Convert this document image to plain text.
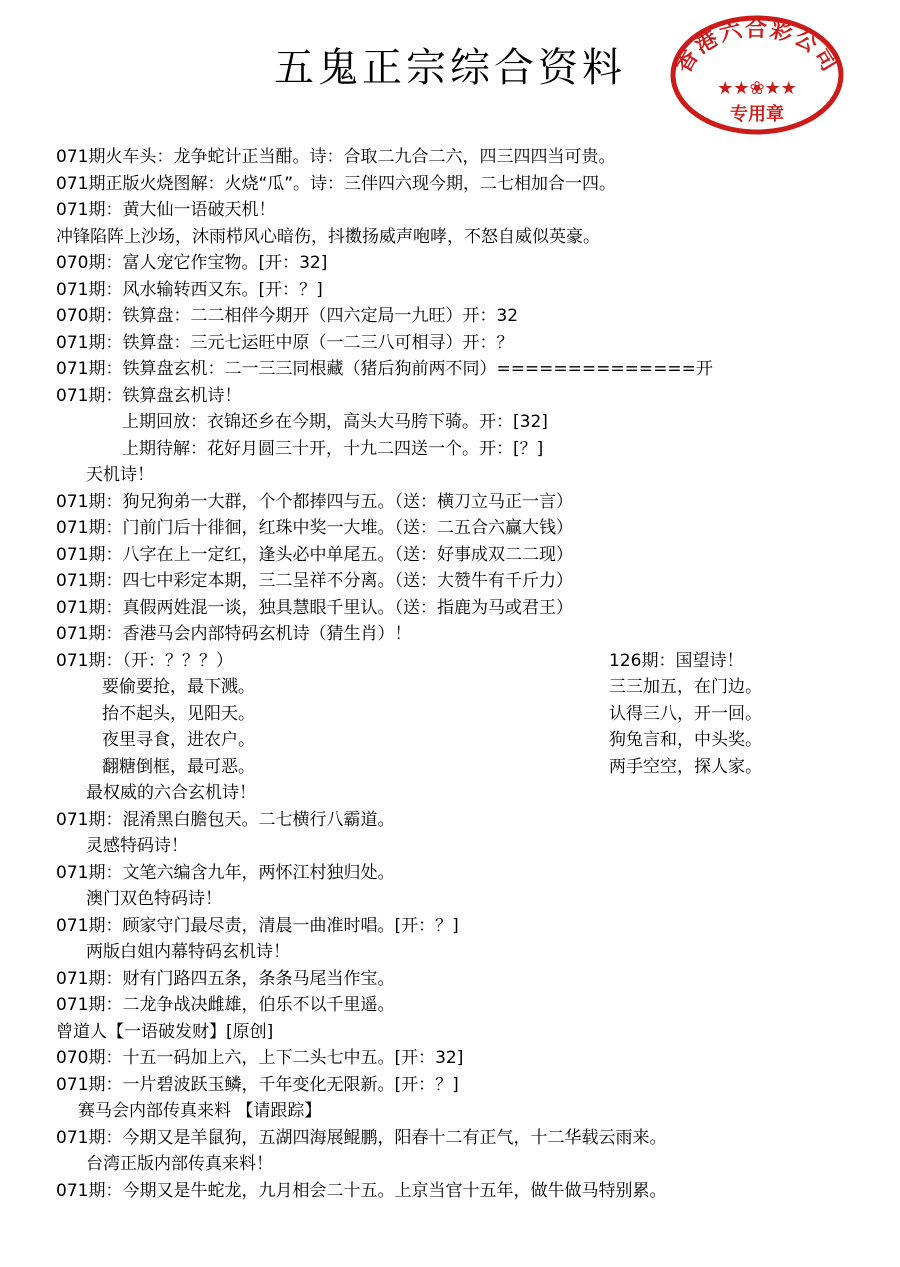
五鬼正宗综合资料	香港六合彩公司
★★❀★★
专用章
071期火车头：龙争蛇计正当酣。诗：合取二九合二六，四三四四当可贵。
071期正版火烧图解：火烧“瓜”。诗：三伴四六现今期，二七相加合一四。
071期：黄大仙一语破天机！
冲锋陷阵上沙场，沐雨栉风心暗伤，抖擞扬威声咆哮，不怒自威似英豪。
070期：富人宠它作宝物。[开：32]
071期：风水输转西又东。[开：？]
070期：铁算盘：二二相伴今期开（四六定局一九旺）开：32
071期：铁算盘：三元七运旺中原（一二三八可相寻）开：？
071期：铁算盘玄机：二一三三同根藏（猪后狗前两不同）==============开
071期：铁算盘玄机诗！
上期回放：衣锦还乡在今期，高头大马胯下骑。开：[32]
上期待解：花好月圆三十开，十九二四送一个。开：[？]
天机诗！
071期：狗兄狗弟一大群，个个都捧四与五。（送：横刀立马正一言）
071期：门前门后十徘徊，红珠中奖一大堆。（送：二五合六赢大钱）
071期：八字在上一定红，逢头必中单尾五。（送：好事成双二二现）
071期：四七中彩定本期，三二呈祥不分离。（送：大赞牛有千斤力）
071期：真假两姓混一谈，独具慧眼千里认。（送：指鹿为马或君王）
071期：香港马会内部特码玄机诗（猜生肖）！
071期：（开：？？？）	126期：国望诗！
要偷要抢，最下溅。	三三加五，在门边。
抬不起头，见阳天。	认得三八，开一回。
夜里寻食，进农户。	狗兔言和，中头奖。
翻糖倒框，最可恶。	两手空空，探人家。
最权威的六合玄机诗！
071期：混淆黑白膽包天。二七横行八霸道。
灵感特码诗！
071期：文笔六编含九年，两怀江村独归处。
澳门双色特码诗！
071期：顾家守门最尽责，清晨一曲准时唱。[开：？]
两版白姐内幕特码玄机诗！
071期：财有门路四五条，条条马尾当作宝。
071期：二龙争战决雌雄，伯乐不以千里遥。
曾道人【一语破发财】[原创]
070期：十五一码加上六，上下二头七中五。[开：32]
071期：一片碧波跃玉鳞，千年变化无限新。[开：？]
赛马会内部传真来料 【请跟踪】
071期：今期又是羊鼠狗，五湖四海展鲲鹏，阳春十二有正气，十二华载云雨来。
台湾正版内部传真来料！
071期：今期又是牛蛇龙，九月相会二十五。上京当官十五年，做牛做马特别累。
